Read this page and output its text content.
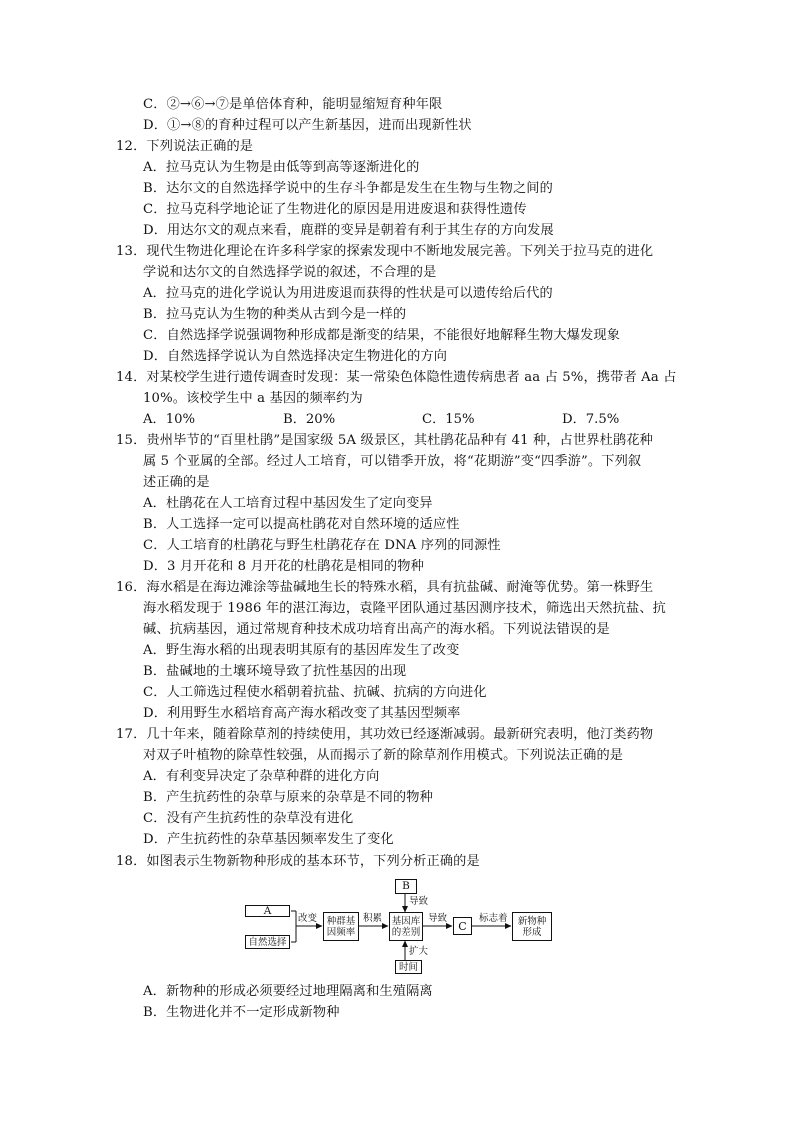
C．②→⑥→⑦是单倍体育种，能明显缩短育种年限
D．①→⑧的育种过程可以产生新基因，进而出现新性状
12．下列说法正确的是
A．拉马克认为生物是由低等到高等逐渐进化的
B．达尔文的自然选择学说中的生存斗争都是发生在生物与生物之间的
C．拉马克科学地论证了生物进化的原因是用进废退和获得性遗传
D．用达尔文的观点来看，鹿群的变异是朝着有利于其生存的方向发展
13．现代生物进化理论在许多科学家的探索发现中不断地发展完善。下列关于拉马克的进化
学说和达尔文的自然选择学说的叙述，不合理的是
A．拉马克的进化学说认为用进废退而获得的性状是可以遗传给后代的
B．拉马克认为生物的种类从古到今是一样的
C．自然选择学说强调物种形成都是渐变的结果，不能很好地解释生物大爆发现象
D．自然选择学说认为自然选择决定生物进化的方向
14．对某校学生进行遗传调查时发现：某一常染色体隐性遗传病患者 aa 占 5%，携带者 Aa 占
10%。该校学生中 a 基因的频率约为
A．10%	B．20%	C．15%	D．7.5%
15．贵州毕节的“百里杜鹃”是国家级 5A 级景区，其杜鹃花品种有 41 种，占世界杜鹃花种
属 5 个亚属的全部。经过人工培育，可以错季开放，将“花期游”变“四季游”。下列叙
述正确的是
A．杜鹃花在人工培育过程中基因发生了定向变异
B．人工选择一定可以提高杜鹃花对自然环境的适应性
C．人工培育的杜鹃花与野生杜鹃花存在 DNA 序列的同源性
D．3 月开花和 8 月开花的杜鹃花是相同的物种
16．海水稻是在海边滩涂等盐碱地生长的特殊水稻，具有抗盐碱、耐淹等优势。第一株野生
海水稻发现于 1986 年的湛江海边，袁隆平团队通过基因测序技术，筛选出天然抗盐、抗
碱、抗病基因，通过常规育种技术成功培育出高产的海水稻。下列说法错误的是
A．野生海水稻的出现表明其原有的基因库发生了改变
B．盐碱地的土壤环境导致了抗性基因的出现
C．人工筛选过程使水稻朝着抗盐、抗碱、抗病的方向进化
D．利用野生水稻培育高产海水稻改变了其基因型频率
17．几十年来，随着除草剂的持续使用，其功效已经逐渐减弱。最新研究表明，他汀类药物
对双子叶植物的除草性较强，从而揭示了新的除草剂作用模式。下列说法正确的是
A．有利变异决定了杂草种群的进化方向
B．产生抗药性的杂草与原来的杂草是不同的物种
C．没有产生抗药性的杂草没有进化
D．产生抗药性的杂草基因频率发生了变化
18．如图表示生物新物种形成的基本环节，下列分析正确的是
A
自然选择
种群基
因频率
基因库
的差别
B
时间
C	新物种
形成
改变	积累
导致
导致
扩大
标志着
A．新物种的形成必须要经过地理隔离和生殖隔离
B．生物进化并不一定形成新物种
